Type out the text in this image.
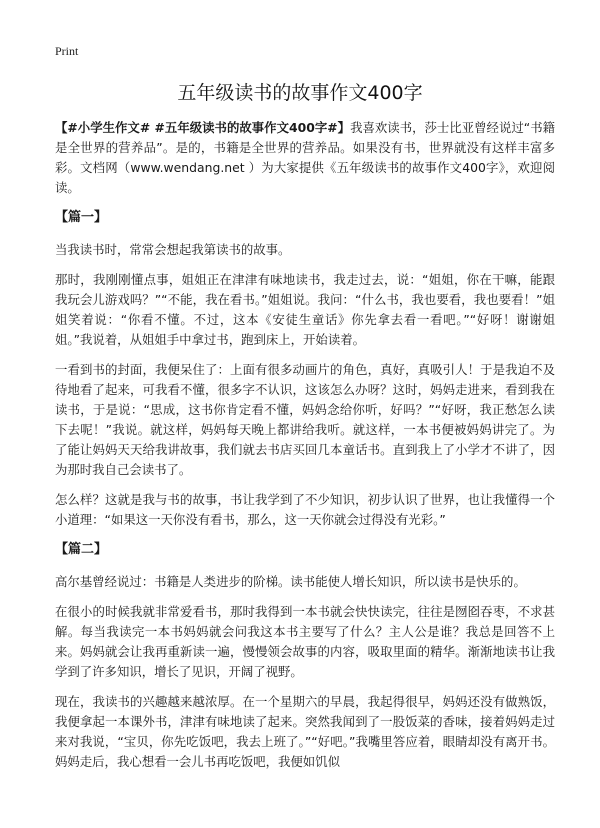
Print
五年级读书的故事作文400字

【#小学生作文# #五年级读书的故事作文400字#】我喜欢读书，莎士比亚曾经说过“书籍是全世界的营养品”。是的，书籍是全世界的营养品。如果没有书，世界就没有这样丰富多彩。文档网（www.wendang.net ）为大家提供《五年级读书的故事作文400字》，欢迎阅读。

【篇一】

当我读书时，常常会想起我第读书的故事。

那时，我刚刚懂点事，姐姐正在津津有味地读书，我走过去，说：“姐姐，你在干嘛，能跟我玩会儿游戏吗？”“不能，我在看书。”姐姐说。我问：“什么书，我也要看，我也要看！”姐姐笑着说：“你看不懂。不过，这本《安徒生童话》你先拿去看一看吧。”“好呀！谢谢姐姐。”我说着，从姐姐手中拿过书，跑到床上，开始读着。

一看到书的封面，我便呆住了：上面有很多动画片的角色，真好，真吸引人！于是我迫不及待地看了起来，可我看不懂，很多字不认识，这该怎么办呀？这时，妈妈走进来，看到我在读书，于是说：“思成，这书你肯定看不懂，妈妈念给你听，好吗？”“好呀，我正愁怎么读下去呢！”我说。就这样，妈妈每天晚上都讲给我听。就这样，一本书便被妈妈讲完了。为了能让妈妈天天给我讲故事，我们就去书店买回几本童话书。直到我上了小学才不讲了，因为那时我自己会读书了。

怎么样？这就是我与书的故事，书让我学到了不少知识，初步认识了世界，也让我懂得一个小道理：“如果这一天你没有看书，那么，这一天你就会过得没有光彩。”

【篇二】

高尔基曾经说过：书籍是人类进步的阶梯。读书能使人增长知识，所以读书是快乐的。

在很小的时候我就非常爱看书，那时我得到一本书就会快快读完，往往是囫囵吞枣，不求甚解。每当我读完一本书妈妈就会问我这本书主要写了什么？主人公是谁？我总是回答不上来。妈妈就会让我再重新读一遍，慢慢领会故事的内容，吸取里面的精华。渐渐地读书让我学到了许多知识，增长了见识，开阔了视野。

现在，我读书的兴趣越来越浓厚。在一个星期六的早晨，我起得很早，妈妈还没有做熟饭，我便拿起一本课外书，津津有味地读了起来。突然我闻到了一股饭菜的香味，接着妈妈走过来对我说，“宝贝，你先吃饭吧，我去上班了。”“好吧。”我嘴里答应着，眼睛却没有离开书。妈妈走后，我心想看一会儿书再吃饭吧，我便如饥似
